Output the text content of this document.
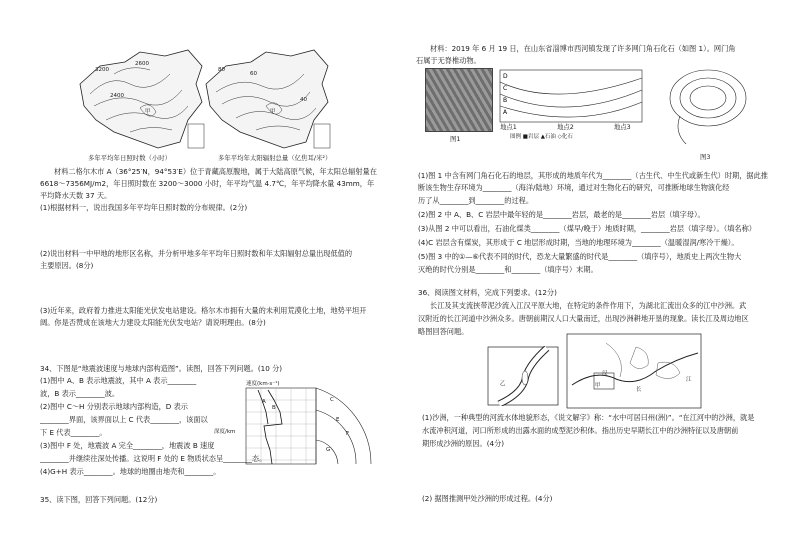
2600
3200
甲
2400
80
60
甲
40
多年平均年日照时数（小时）	多年平均年太阳辐射总量（亿焦耳/米²）
材料二格尔木市 A（36°25′N，94°53′E）位于青藏高原腹地，属于大陆高原气候，年太阳总辐射量在
6618～7356MJ/m2，年日照时数在 3200～3000 小时，年平均气温 4.7℃，年平均降水量 43mm，年
平均降水天数 37 天。
(1)根据材料一，说出我国多年平均年日照时数的分布规律。(2分)
(2)说出材料一中甲地的地形区名称，并分析甲地多年平均年日照时数和年太阳辐射总量出现低值的
主要原因。(8分)
(3)近年来，政府着力推进太阳能光伏发电站建设。格尔木市拥有大量的未利用荒漠化土地，地势平坦开
阔。你是否赞成在该地大力建设太阳能光伏发电站？请说明理由。(8分)
34、下图是“地震波速度与地球内部构造图”。读图，回答下列问题。(10 分)
(1)图中 A、B 表示地震波，其中 A 表示________
波，B 表示________波。
(2)图中 C～H 分别表示地球内部构造，D 表示
________界面，该界面以上 C 代表________，该面以
下 E 代表________。
(3)图中 F 处，地震波 A 完全________，地震波 B 速度
________并继续往深处传播。这说明 F 处的 E 物质状态呈________态。
(4)G+H 表示________。地球的地圈由地壳和________。
35、读下图，回答下列问题。(12分)
速度(km·s⁻¹)
深度/km
A
B
C
E
F
G
材料：2019 年 6 月 19 日，在山东省淄博市西河镇发现了许多网门角石化石（如图 1）。网门角
石属于无脊椎动物。
图1
D
C
B
A
地点1	地点2	地点3
图例 ■岩层 ▲石油 ◇化石
图3
(1)图 1 中含有网门角石化石的地层，其形成的地质年代为________（古生代、中生代或新生代）时期，据此推
断该生物生存环境为________（海洋/陆地）环境，通过对生物化石的研究，可推断地球生物演化经
历了从________到________的过程。
(2)图 2 中 A、B、C 岩层中最年轻的是________岩层，最老的是________岩层（填字母）。
(3)从图 2 中可以看出，石油化煤类________（煤早/晚于）地质时期，________岩层（填字母）。（填名称）
(4)C 岩层含有煤炭，其形成于 C 地层形成时期，当地的地理环境为________（温暖湿润/寒冷干燥）。
(5)图 3 中的①—⑥代表不同的时代，恐龙大量繁盛的时代是________（填序号），地质史上两次生物大
灭绝的时代分别是________和________（填序号）末期。
36、阅读图文材料，完成下列要求。(12分)
长江及其支流挟带泥沙流入江汉平原大地，在特定的条件作用下，为湖北汇流出众多的江中沙洲。武
汉附近的长江河道中沙洲众多。唐朝前期汉人口大量南迁，出现沙洲耕地开垦的现象。读长江及周边地区
略图回答问题。
甲
乙
长
江
汉
(1)沙洲，一种典型的河流水体地貌形态，《说文解字》称：“水中可居曰州(洲)”。“在江河中的沙洲，就是
水流冲积河道，河口所形成的出露水面的成型泥沙积体。指出历史早期长江中的沙洲特征以及唐朝前
期形成沙洲的原因。(4分)
(2) 据图推测甲处沙洲的形成过程。(4分)
